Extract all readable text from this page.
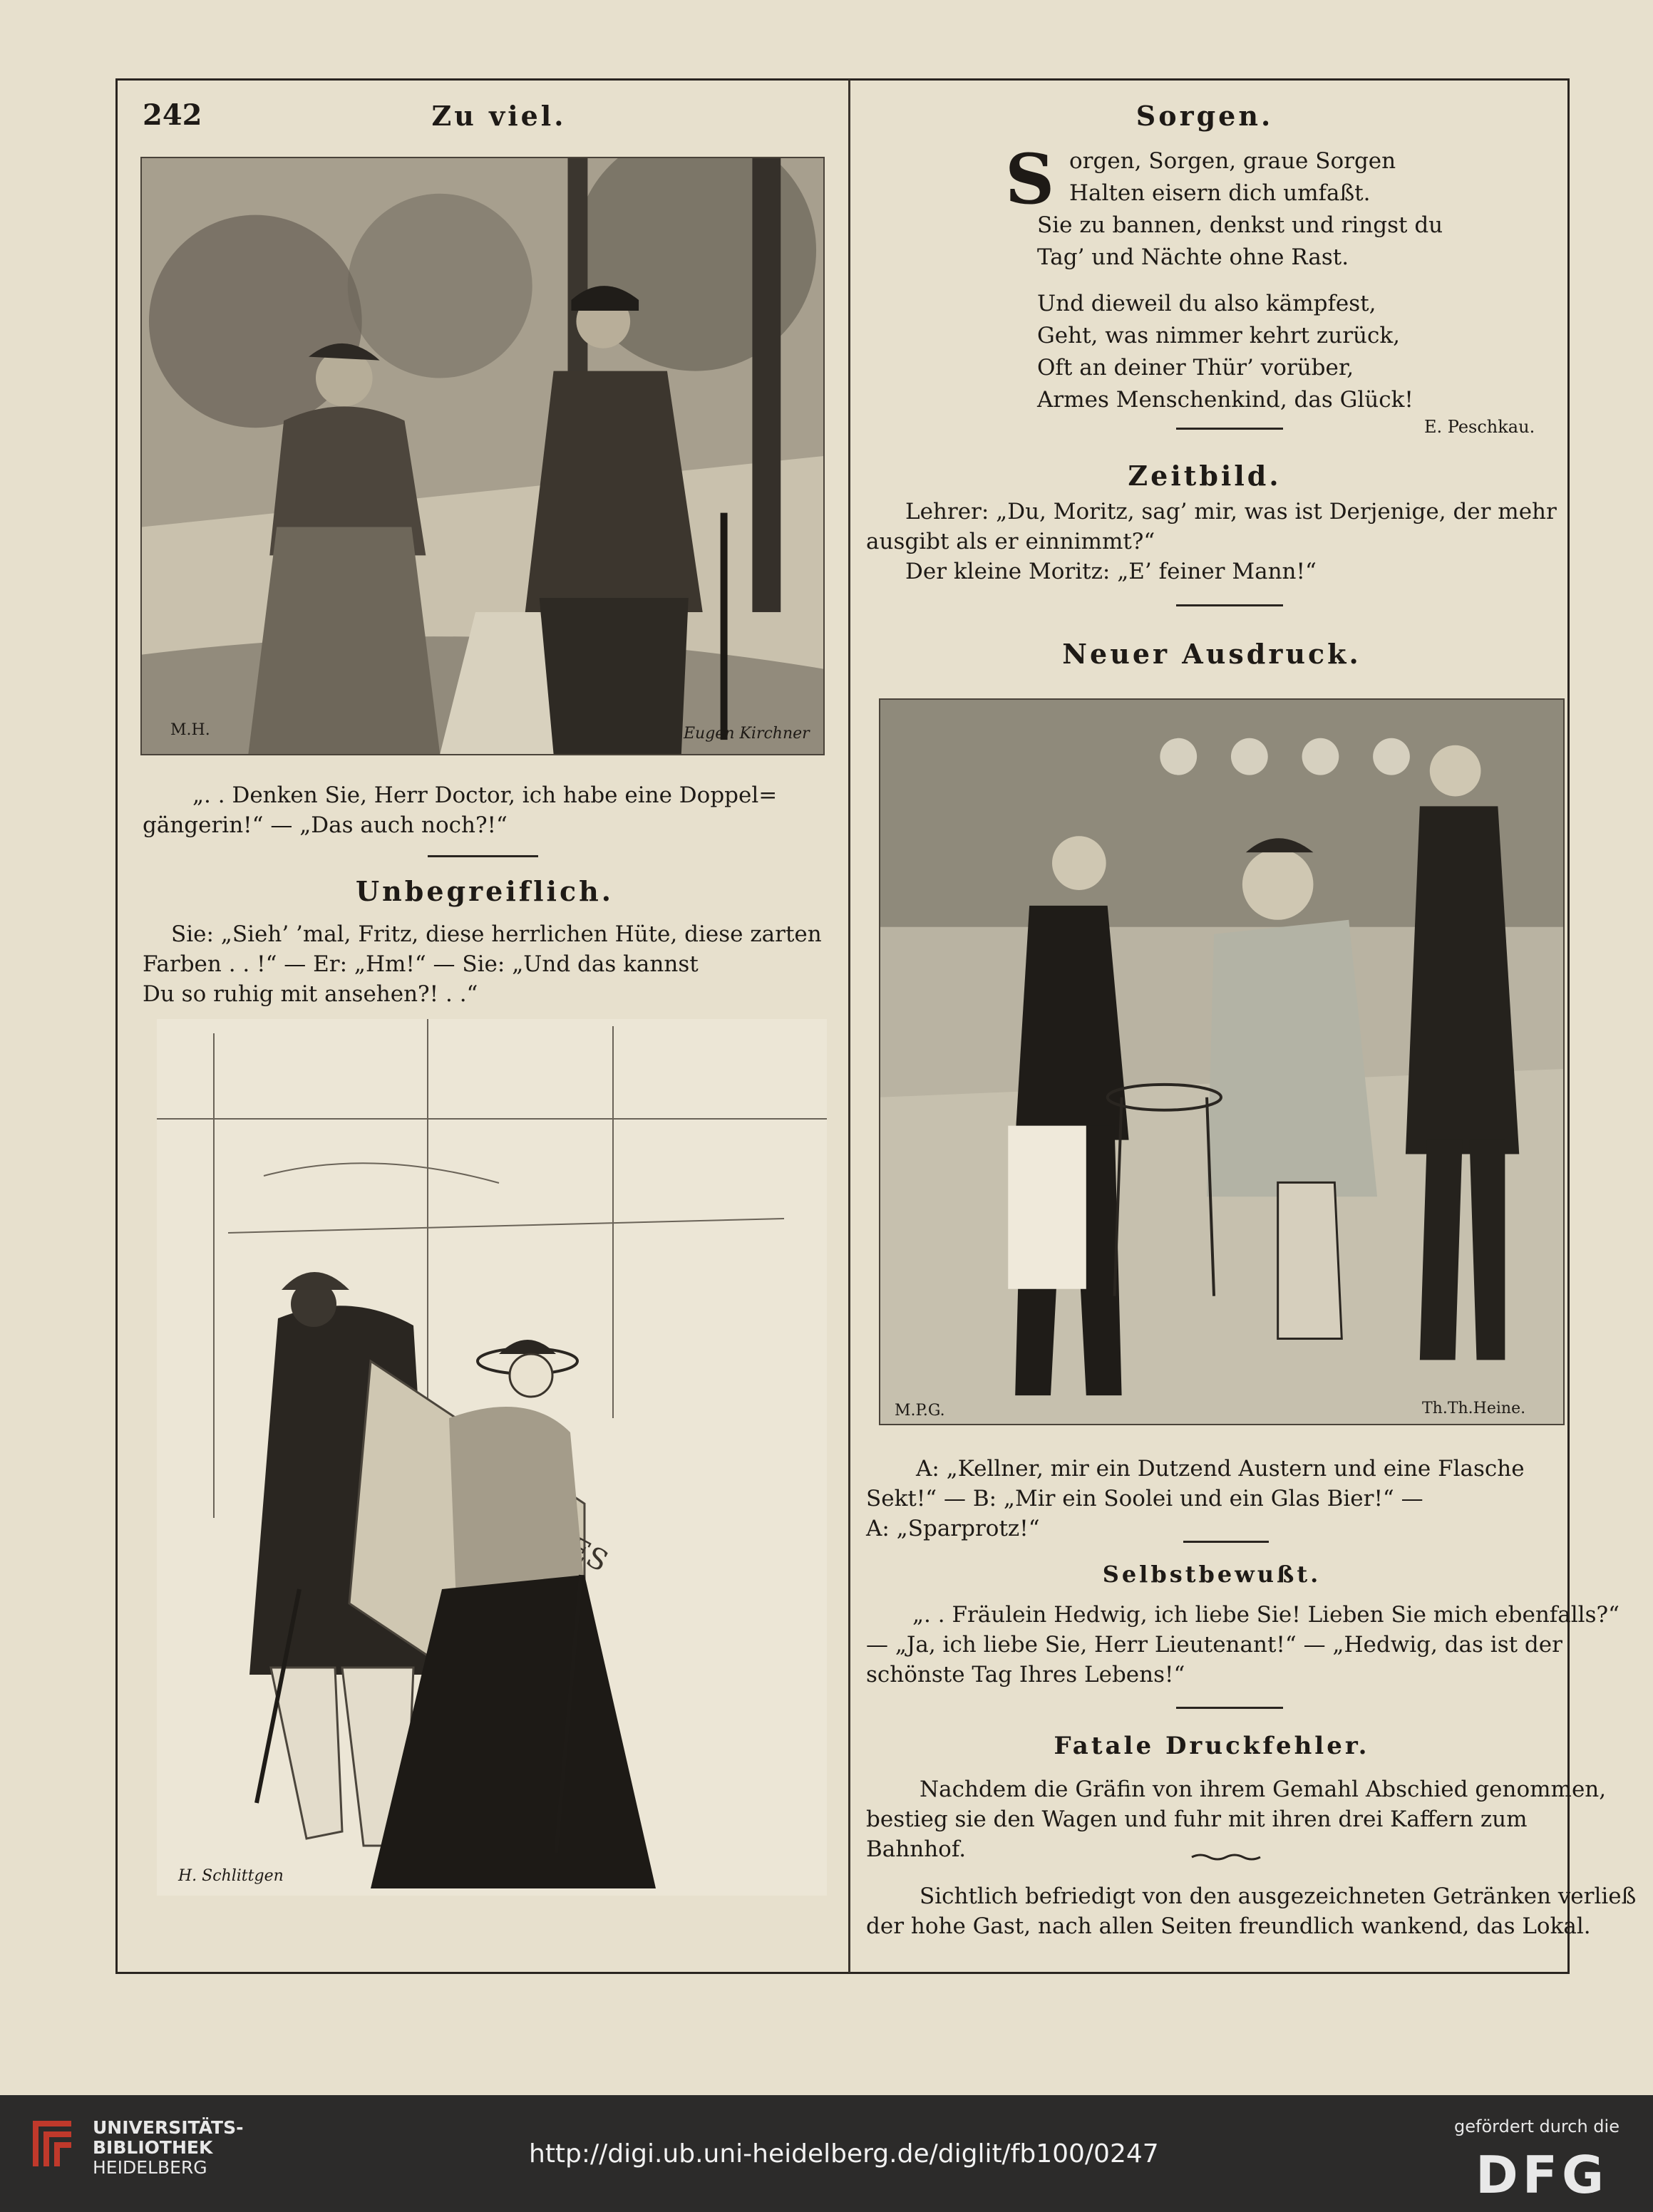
242	Zu viel.
M.H.	Eugen Kirchner
„. . Denken Sie, Herr Doctor, ich habe eine Doppel=
gängerin!“ — „Das auch noch?!“
Unbegreiflich.
Sie: „Sieh’ ’mal, Fritz, diese herrlichen Hüte, diese zarten
Farben . . !“ — Er: „Hm!“ — Sie: „Und das kannst
Du so ruhig mit ansehen?! . .“
H. Schlittgen
Sorgen.
S orgen, Sorgen, graue Sorgen
Halten eisern dich umfaßt.
Sie zu bannen, denkst und ringst du
Tag’ und Nächte ohne Rast.
Und dieweil du also kämpfest,
Geht, was nimmer kehrt zurück,
Oft an deiner Thür’ vorüber,
Armes Menschenkind, das Glück!
E. Peschkau.
Zeitbild.
Lehrer: „Du, Moritz, sag’ mir, was ist Derjenige, der mehr
ausgibt als er einnimmt?“
Der kleine Moritz: „E’ feiner Mann!“
Neuer Ausdruck.
M.P.G.	Th.Th.Heine.
A: „Kellner, mir ein Dutzend Austern und eine Flasche
Sekt!“ — B: „Mir ein Soolei und ein Glas Bier!“ —
A: „Sparprotz!“
Selbstbewußt.
„. . Fräulein Hedwig, ich liebe Sie! Lieben Sie mich ebenfalls?“
— „Ja, ich liebe Sie, Herr Lieutenant!“ — „Hedwig, das ist der
schönste Tag Ihres Lebens!“
Fatale Druckfehler.
Nachdem die Gräfin von ihrem Gemahl Abschied genommen,
bestieg sie den Wagen und fuhr mit ihren drei Kaffern zum
Bahnhof.
Sichtlich befriedigt von den ausgezeichneten Getränken verließ
der hohe Gast, nach allen Seiten freundlich wankend, das Lokal.
UNIVERSITÄTS-
BIBLIOTHEK
HEIDELBERG	http://digi.ub.uni-heidelberg.de/diglit/fb100/0247
gefördert durch die
DFG
